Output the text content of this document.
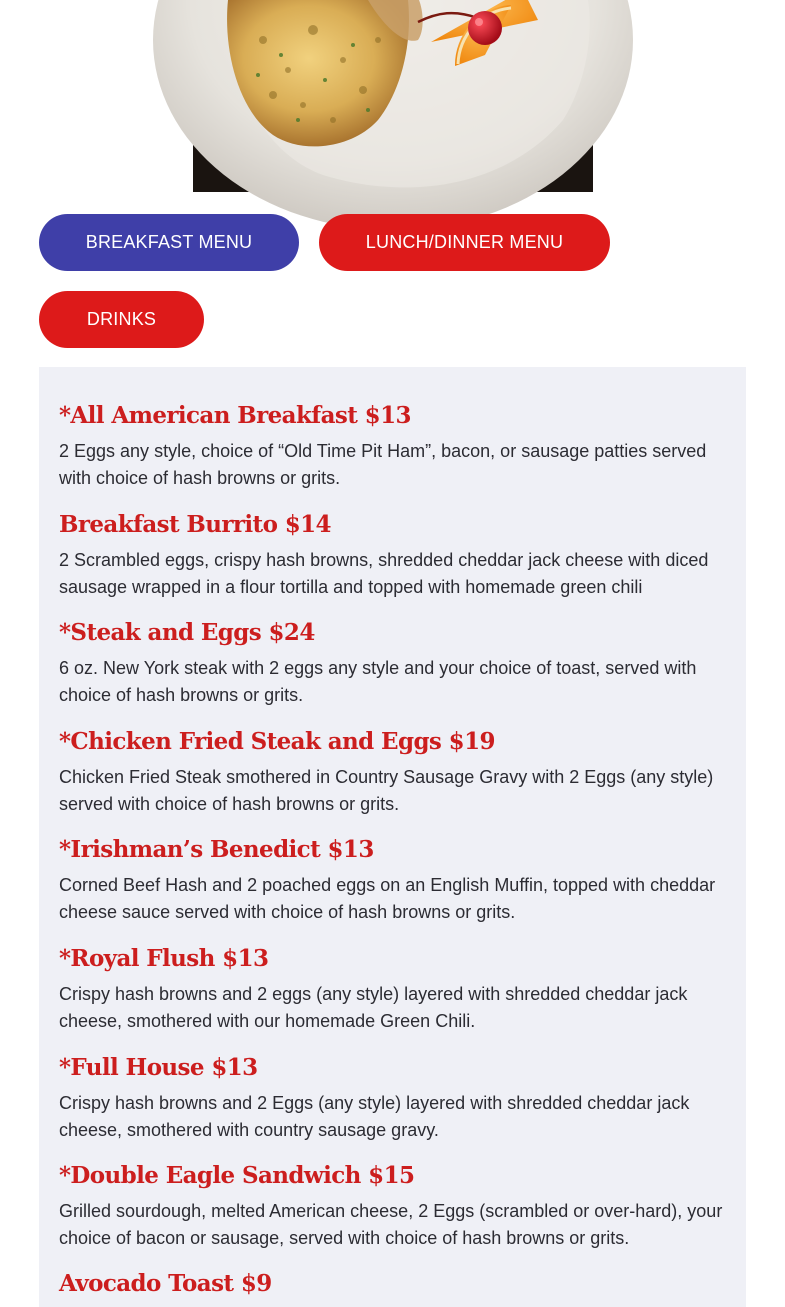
BREAKFAST MENU	LUNCH/DINNER MENU
DRINKS
*All American Breakfast $13

2 Eggs any style, choice of “Old Time Pit Ham”, bacon, or sausage patties served with choice of hash browns or grits.

Breakfast Burrito $14

2 Scrambled eggs, crispy hash browns, shredded cheddar jack cheese with diced sausage wrapped in a flour tortilla and topped with homemade green chili

*Steak and Eggs $24

6 oz. New York steak with 2 eggs any style and your choice of toast, served with choice of hash browns or grits.

*Chicken Fried Steak and Eggs $19

Chicken Fried Steak smothered in Country Sausage Gravy with 2 Eggs (any style) served with choice of hash browns or grits.

*Irishman’s Benedict $13

Corned Beef Hash and 2 poached eggs on an English Muffin, topped with cheddar cheese sauce served with choice of hash browns or grits.

*Royal Flush $13

Crispy hash browns and 2 eggs (any style) layered with shredded cheddar jack cheese, smothered with our homemade Green Chili.

*Full House $13

Crispy hash browns and 2 Eggs (any style) layered with shredded cheddar jack cheese, smothered with country sausage gravy.

*Double Eagle Sandwich $15

Grilled sourdough, melted American cheese, 2 Eggs (scrambled or over-hard), your choice of bacon or sausage, served with choice of hash browns or grits.

Avocado Toast $9
